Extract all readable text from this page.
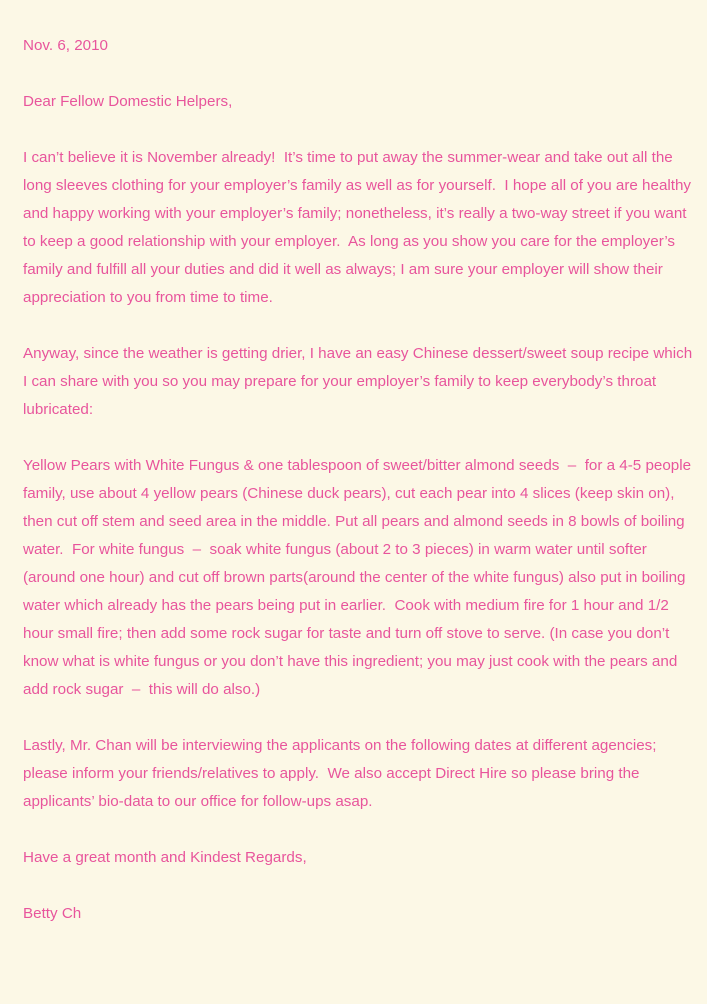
Nov. 6, 2010

Dear Fellow Domestic Helpers,

I can’t believe it is November already!  It’s time to put away the summer-wear and take out all the long sleeves clothing for your employer’s family as well as for yourself.  I hope all of you are healthy and happy working with your employer’s family; nonetheless, it’s really a two-way street if you want to keep a good relationship with your employer.  As long as you show you care for the employer’s family and fulfill all your duties and did it well as always; I am sure your employer will show their appreciation to you from time to time.

Anyway, since the weather is getting drier, I have an easy Chinese dessert/sweet soup recipe which I can share with you so you may prepare for your employer’s family to keep everybody’s throat lubricated:

Yellow Pears with White Fungus & one tablespoon of sweet/bitter almond seeds  –  for a 4-5 people family, use about 4 yellow pears (Chinese duck pears), cut each pear into 4 slices (keep skin on), then cut off stem and seed area in the middle. Put all pears and almond seeds in 8 bowls of boiling water.  For white fungus  –  soak white fungus (about 2 to 3 pieces) in warm water until softer (around one hour) and cut off brown parts(around the center of the white fungus) also put in boiling water which already has the pears being put in earlier.  Cook with medium fire for 1 hour and 1/2 hour small fire; then add some rock sugar for taste and turn off stove to serve. (In case you don’t know what is white fungus or you don’t have this ingredient; you may just cook with the pears and add rock sugar  –  this will do also.)

Lastly, Mr. Chan will be interviewing the applicants on the following dates at different agencies; please inform your friends/relatives to apply.  We also accept Direct Hire so please bring the applicants’ bio-data to our office for follow-ups asap.

Have a great month and Kindest Regards,

Betty Ch
